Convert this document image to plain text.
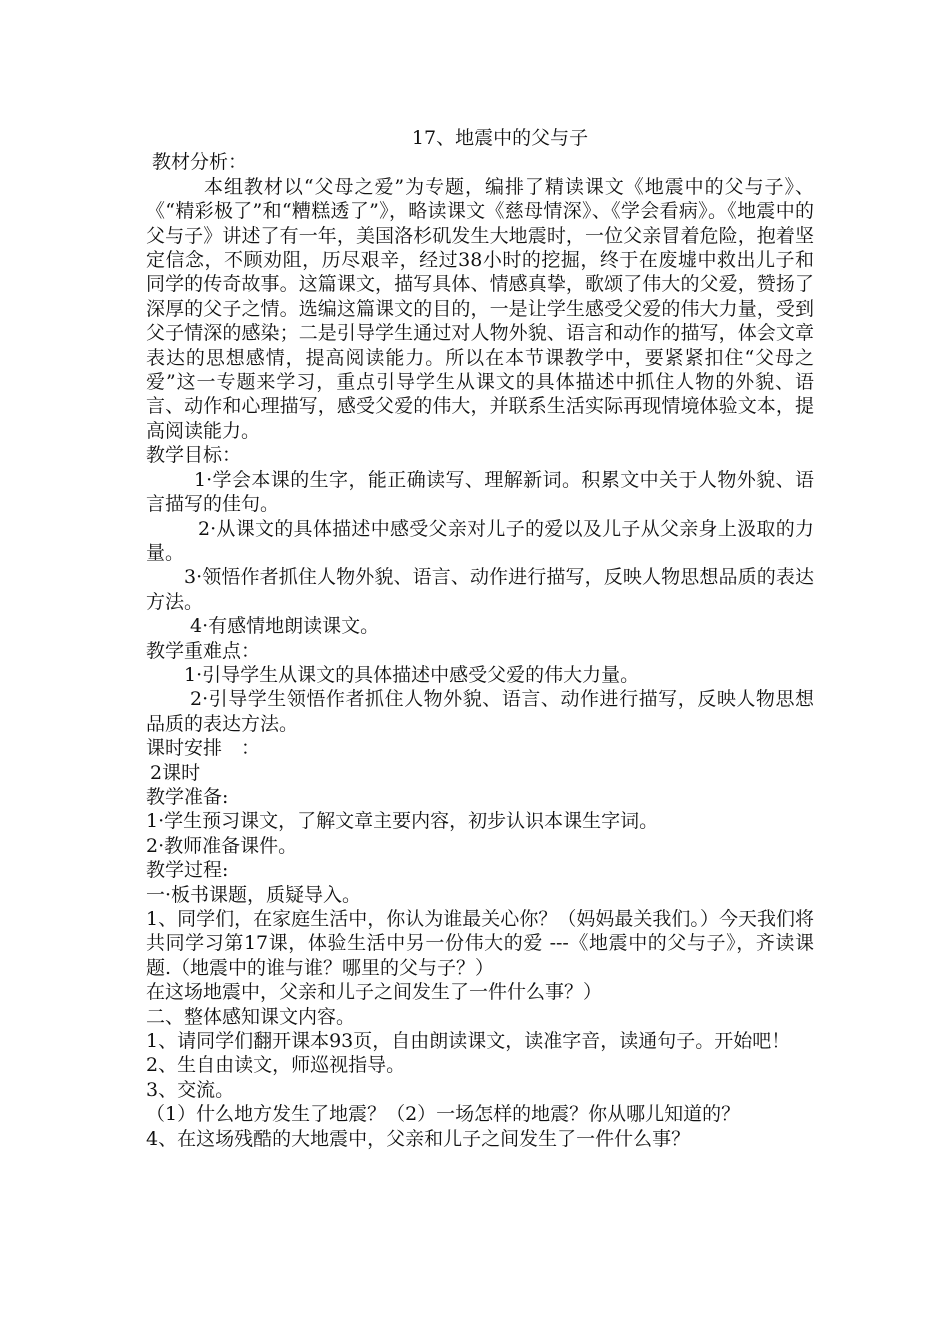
17、地震中的父与子

教材分析：

本组教材以“父母之爱”为专题，编排了精读课文《地震中的父与子》、《“精彩极了”和“糟糕透了”》，略读课文《慈母情深》、《学会看病》。《地震中的父与子》讲述了有一年，美国洛杉矶发生大地震时，一位父亲冒着危险，抱着坚定信念，不顾劝阻，历尽艰辛，经过38小时的挖掘，终于在废墟中救出儿子和同学的传奇故事。这篇课文，描写具体、情感真挚，歌颂了伟大的父爱，赞扬了深厚的父子之情。选编这篇课文的目的，一是让学生感受父爱的伟大力量，受到父子情深的感染；二是引导学生通过对人物外貌、语言和动作的描写，体会文章表达的思想感情，提高阅读能力。所以在本节课教学中，要紧紧扣住“父母之爱”这一专题来学习，重点引导学生从课文的具体描述中抓住人物的外貌、语言、动作和心理描写，感受父爱的伟大，并联系生活实际再现情境体验文本，提高阅读能力。

教学目标：

1·学会本课的生字，能正确读写、理解新词。积累文中关于人物外貌、语言描写的佳句。

2·从课文的具体描述中感受父亲对儿子的爱以及儿子从父亲身上汲取的力量。

3·领悟作者抓住人物外貌、语言、动作进行描写，反映人物思想品质的表达方法。

4·有感情地朗读课文。

教学重难点：

1·引导学生从课文的具体描述中感受父爱的伟大力量。

2·引导学生领悟作者抓住人物外貌、语言、动作进行描写，反映人物思想品质的表达方法。

课时安排　：

2课时

教学准备:

1·学生预习课文，了解文章主要内容，初步认识本课生字词。

2·教师准备课件。

教学过程:

一·板书课题，质疑导入。

1、同学们，在家庭生活中，你认为谁最关心你？（妈妈最关我们。）今天我们将共同学习第17课，体验生活中另一份伟大的爱 ---《地震中的父与子》，齐读课题.（地震中的谁与谁？哪里的父与子？）

在这场地震中，父亲和儿子之间发生了一件什么事？）

二、整体感知课文内容。

1、请同学们翻开课本93页，自由朗读课文，读准字音，读通句子。开始吧！

2、生自由读文，师巡视指导。

3、交流。

（1）什么地方发生了地震？（2）一场怎样的地震？你从哪儿知道的？

4、在这场残酷的大地震中，父亲和儿子之间发生了一件什么事？
